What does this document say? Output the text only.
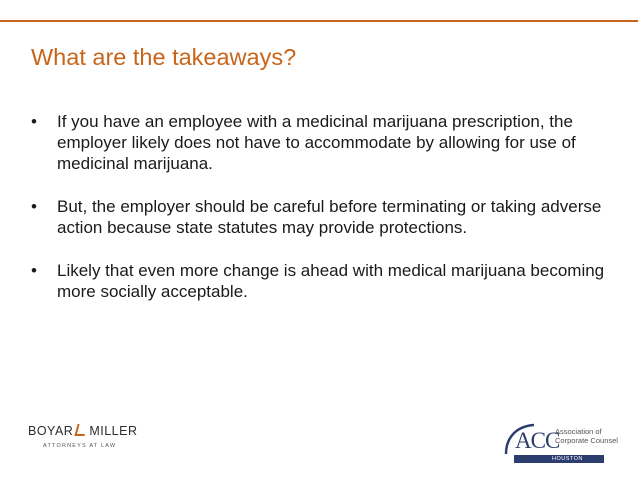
What are the takeaways?
•	If you have an employee with a medicinal marijuana prescription, the employer likely does not have to accommodate by allowing for use of medicinal marijuana.
•	But, the employer should be careful before terminating or taking adverse action because state statutes may provide protections.
•	Likely that even more change is ahead with medical marijuana becoming more socially acceptable.
BOYAR MILLER
ATTORNEYS AT LAW	ACC
Association of
Corporate Counsel
HOUSTON
